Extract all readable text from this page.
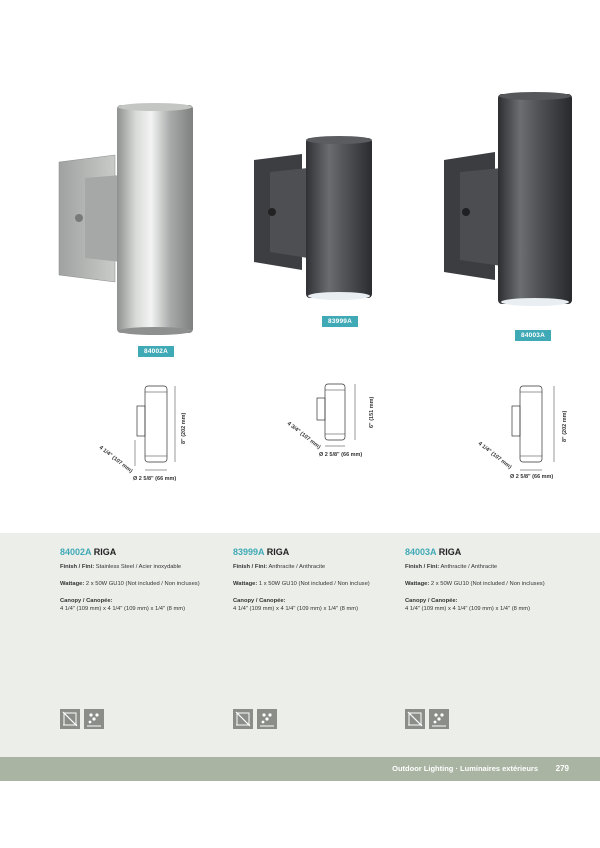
84002A
83999A
84003A
8" (202 mm)
4 1/4" (107 mm)
Ø 2 5/8" (66 mm)
6" (151 mm)
4 3/4" (107 mm)
Ø 2 5/8" (66 mm)
8" (202 mm)
4 1/4" (107 mm)
Ø 2 5/8" (66 mm)
84002A RIGA
Finish / Fini: Stainless Steel / Acier inoxydable
Wattage: 2 x 50W GU10 (Not included / Non incluses)
Canopy / Canopée:
4 1/4" (109 mm) x 4 1/4" (109 mm) x 1/4" (8 mm)
83999A RIGA
Finish / Fini: Anthracite / Anthracite
Wattage: 1 x 50W GU10 (Not included / Non incluse)
Canopy / Canopée:
4 1/4" (109 mm) x 4 1/4" (109 mm) x 1/4" (8 mm)
84003A RIGA
Finish / Fini: Anthracite / Anthracite
Wattage: 2 x 50W GU10 (Not included / Non incluses)
Canopy / Canopée:
4 1/4" (109 mm) x 4 1/4" (109 mm) x 1/4" (8 mm)
Outdoor Lighting · Luminaires extérieurs 279
